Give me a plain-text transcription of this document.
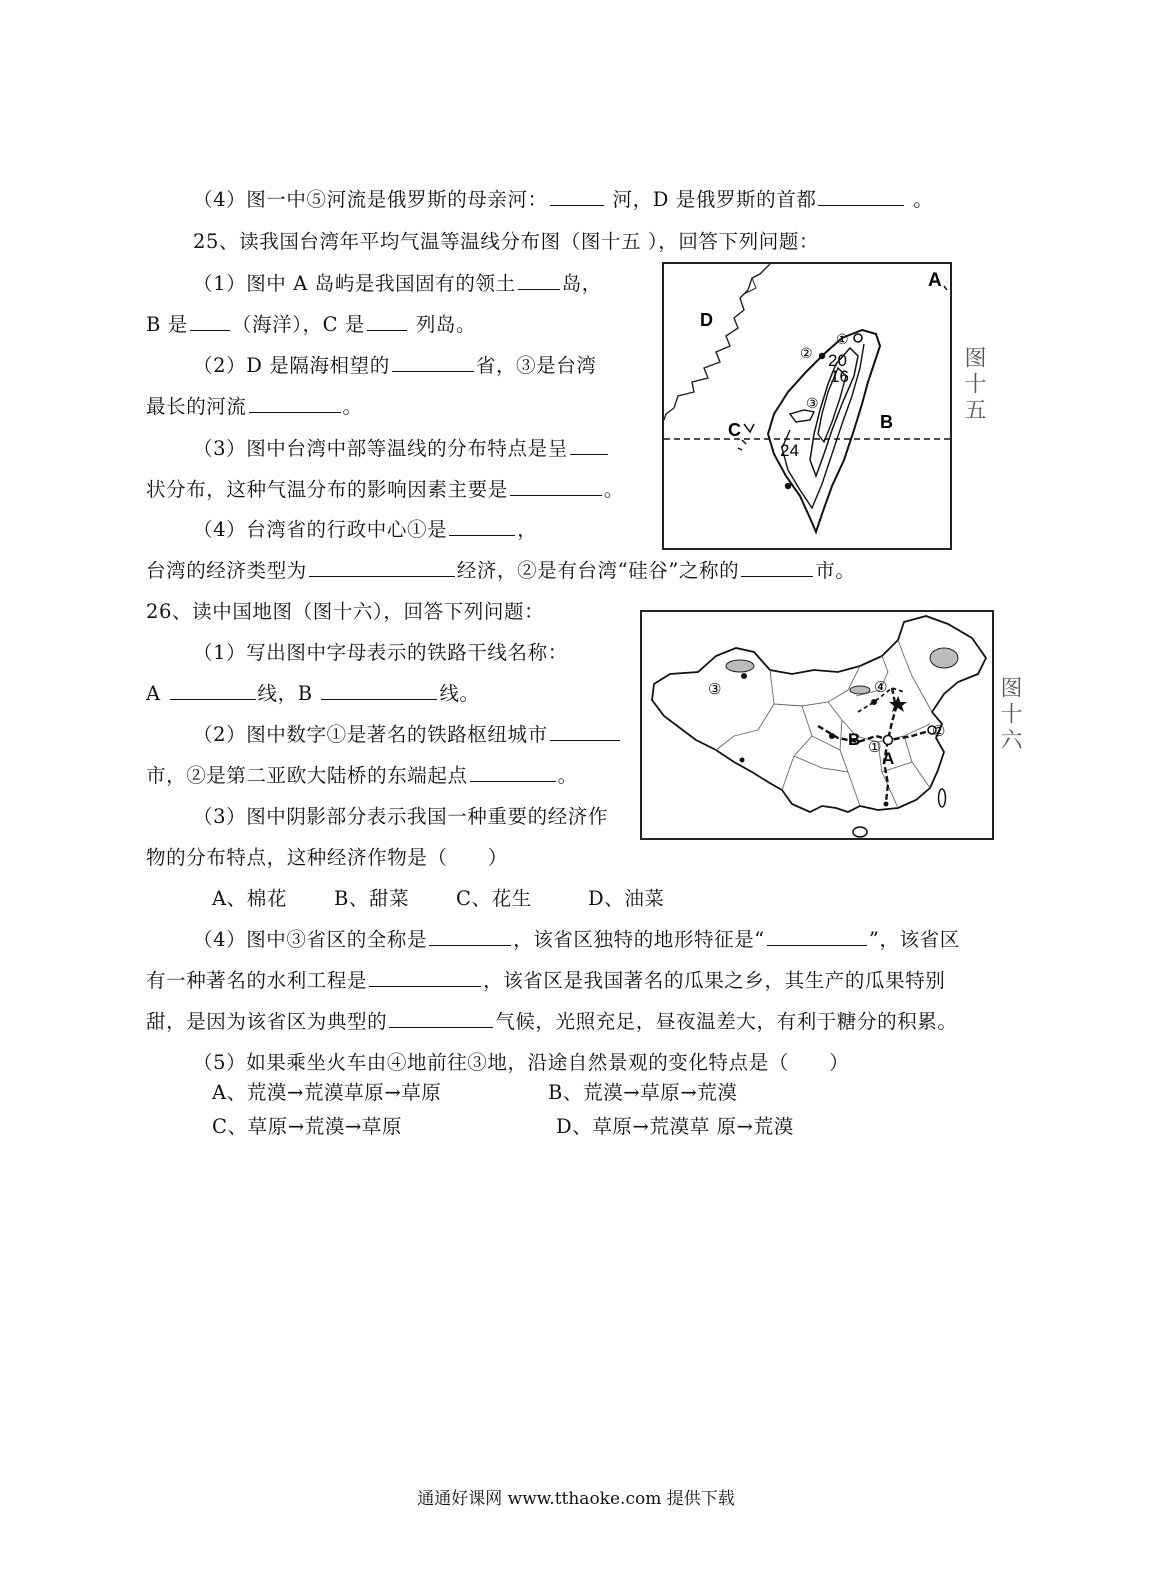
（4）图一中⑤河流是俄罗斯的母亲河：	河，D 是俄罗斯的首都	。
25、读我国台湾年平均气温等温线分布图（图十五 ），回答下列问题：
（1）图中 A 岛屿是我国固有的领土 岛，
B 是 （海洋），C 是	列岛。
（2）D 是隔海相望的	省，③是台湾
最长的河流	。
（3）图中台湾中部等温线的分布特点是呈
状分布，这种气温分布的影响因素主要是	。
（4）台湾省的行政中心①是	，
台湾的经济类型为	经济，②是有台湾“硅谷”之称的	市。
A
D
B
C
20
16
24
①
②
③	图十五
26、读中国地图（图十六），回答下列问题：
（1）写出图中字母表示的铁路干线名称：
A	线，B	线。
（2）图中数字①是著名的铁路枢纽城市
市，②是第二亚欧大陆桥的东端起点	。
（3）图中阴影部分表示我国一种重要的经济作
物的分布特点，这种经济作物是（　　）
A、棉花 B、甜菜 C、花生	D、油菜
（4）图中③省区的全称是	，该省区独特的地形特征是“	”，该省区
有一种著名的水利工程是	，该省区是我国著名的瓜果之乡，其生产的瓜果特别
甜，是因为该省区为典型的	气候，光照充足，昼夜温差大，有利于糖分的积累。
（5）如果乘坐火车由④地前往③地，沿途自然景观的变化特点是（　　）
A、荒漠→荒漠草原→草原	B、荒漠→草原→荒漠
C、草原→荒漠→草原	D、草原→荒漠草 原→荒漠
③	④
①
②
B
A
图十六
通通好课网 www.tthaoke.com 提供下载
